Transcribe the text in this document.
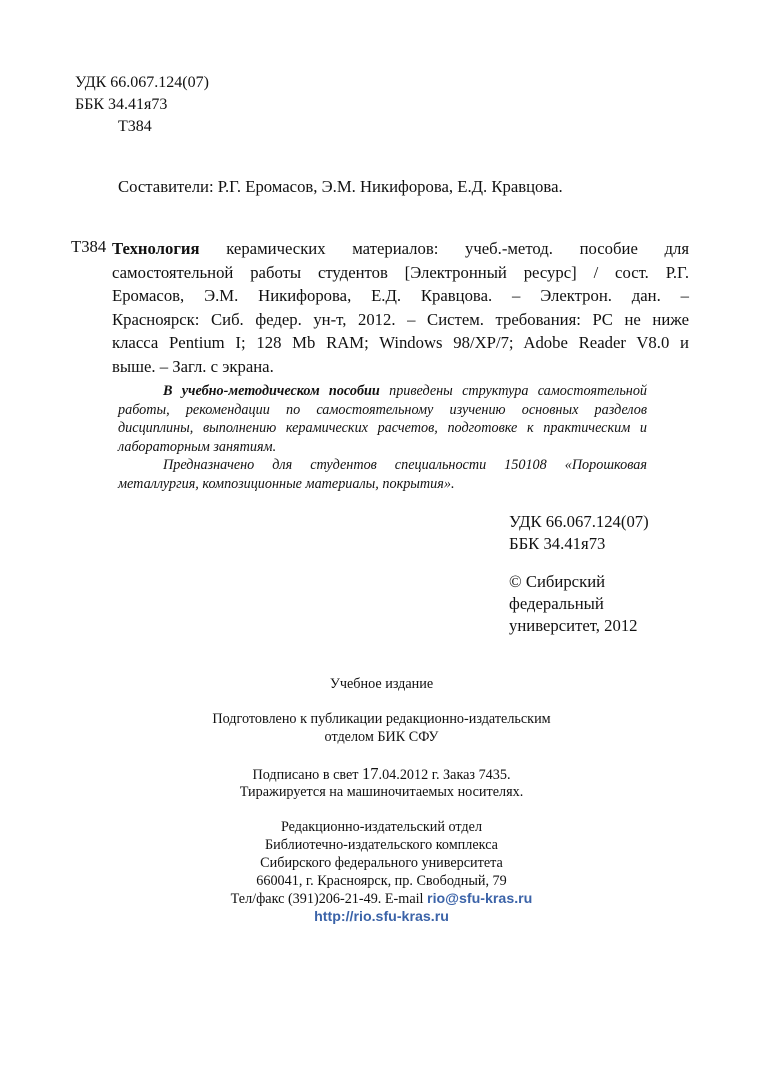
УДК 66.067.124(07)
ББК 34.41я73
Т384
Составители: Р.Г. Еромасов, Э.М. Никифорова, Е.Д. Кравцова.
Т384 Технология керамических материалов: учеб.-метод. пособие для
самостоятельной работы студентов [Электронный ресурс] / сост. Р.Г.
Еромасов, Э.М. Никифорова, Е.Д. Кравцова. – Электрон. дан. –
Красноярск: Сиб. федер. ун-т, 2012. – Систем. требования: PC не ниже
класса Pentium I; 128 Mb RAM; Windows 98/XP/7; Adobe Reader V8.0 и
выше. – Загл. с экрана.
В учебно-методическом пособии приведены структура самостоятельной
работы, рекомендации по самостоятельному изучению основных разделов
дисциплины, выполнению керамических расчетов, подготовке к практическим и
лабораторным занятиям.
Предназначено для студентов специальности 150108 «Порошковая
металлургия, композиционные материалы, покрытия».
УДК 66.067.124(07)
ББК 34.41я73
© Сибирский
федеральный
университет, 2012
Учебное издание
Подготовлено к публикации редакционно-издательским
отделом БИК СФУ
Подписано в свет 17.04.2012 г. Заказ 7435.
Тиражируется на машиночитаемых носителях.
Редакционно-издательский отдел
Библиотечно-издательского комплекса
Сибирского федерального университета
660041, г. Красноярск, пр. Свободный, 79
Тел/факс (391)206-21-49. E-mail rio@sfu-kras.ru
http://rio.sfu-kras.ru
